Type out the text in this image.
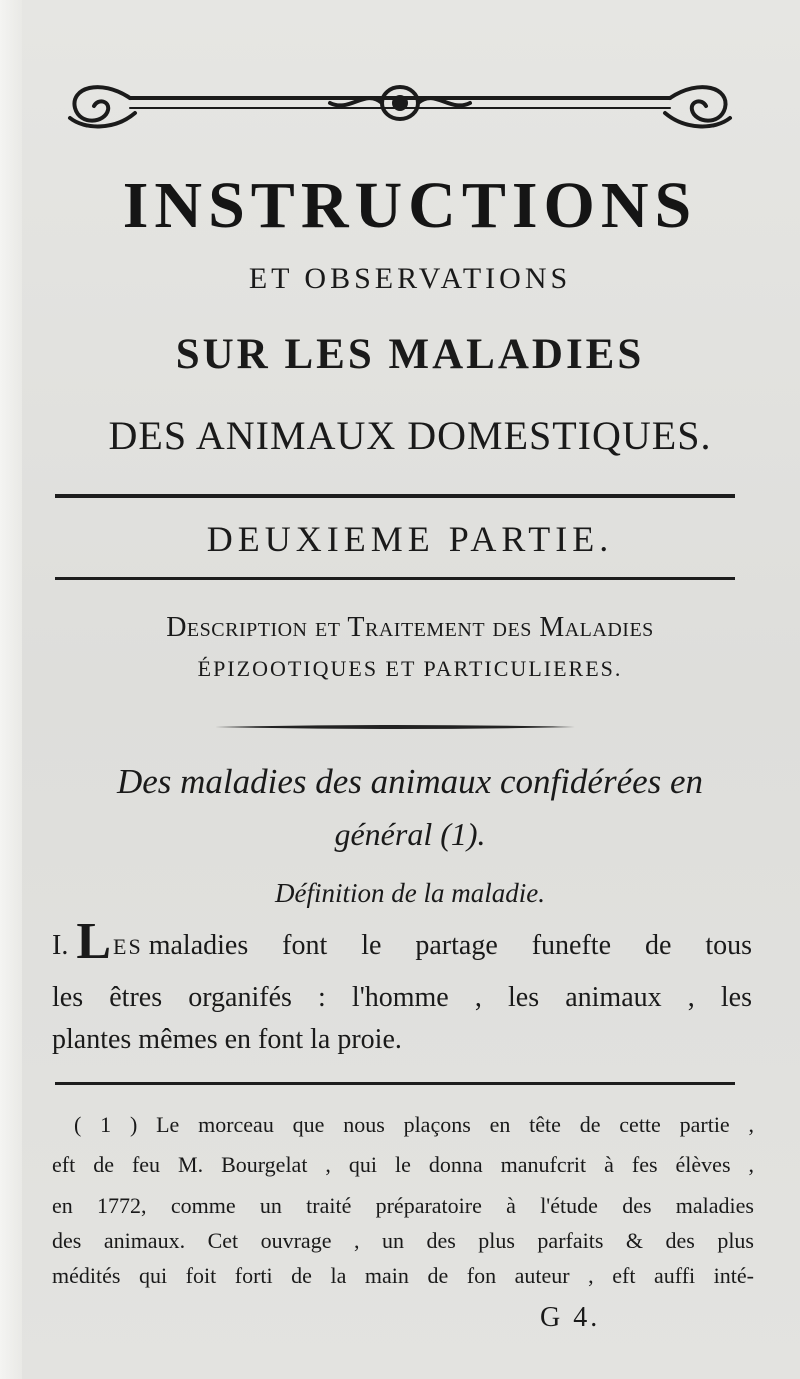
INSTRUCTIONS
ET OBSERVATIONS
SUR LES MALADIES
DES ANIMAUX DOMESTIQUES.
DEUXIEME PARTIE.
Description et Traitement des Maladies
ÉPIZOOTIQUES ET PARTICULIERES.
Des maladies des animaux confidérées en
général (1).
Définition de la maladie.
I. LES maladies font le partage funefte de tous
les êtres organifés : l'homme , les animaux , les
plantes mêmes en font la proie.
( 1 ) Le morceau que nous plaçons en tête de cette partie ,
eft de feu M. Bourgelat , qui le donna manufcrit à fes élèves ,
en 1772, comme un traité préparatoire à l'étude des maladies
des animaux. Cet ouvrage , un des plus parfaits & des plus
médités qui foit forti de la main de fon auteur , eft auffi inté-
G 4.
